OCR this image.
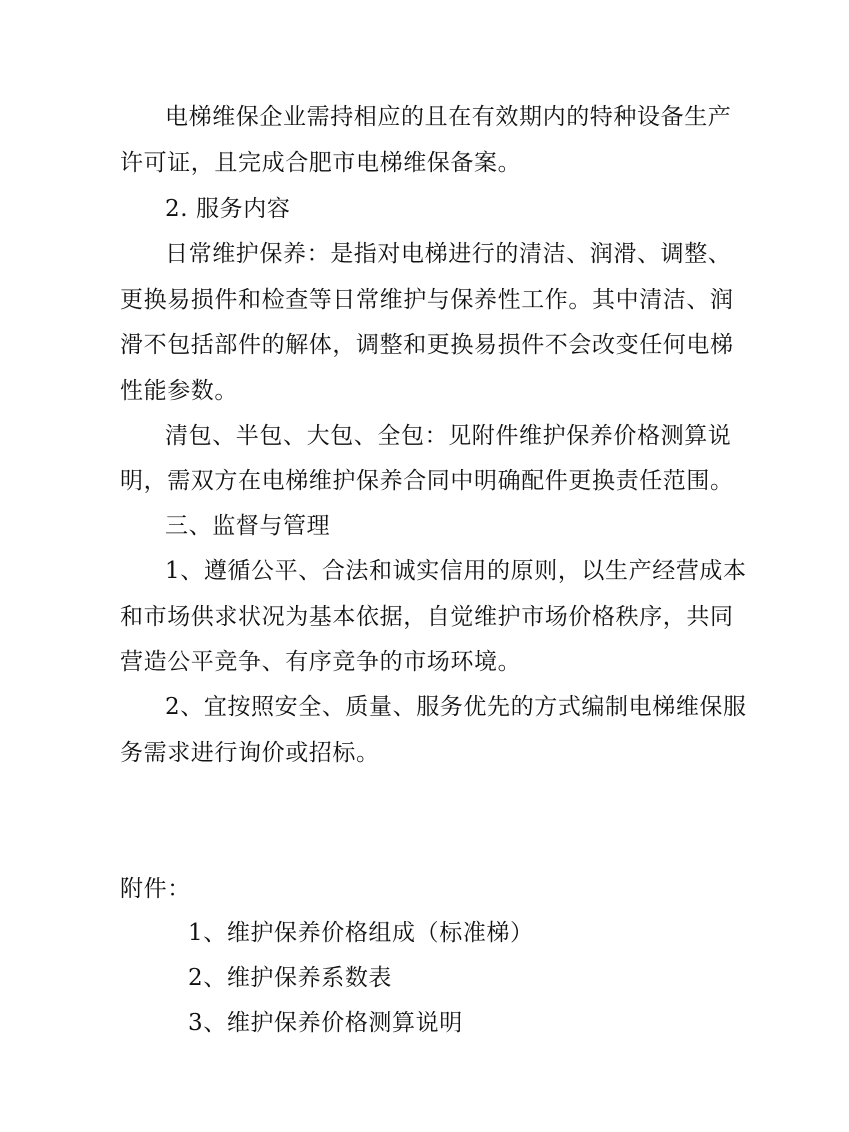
电梯维保企业需持相应的且在有效期内的特种设备生产
许可证，且完成合肥市电梯维保备案。
2. 服务内容
日常维护保养：是指对电梯进行的清洁、润滑、调整、
更换易损件和检查等日常维护与保养性工作。其中清洁、润
滑不包括部件的解体，调整和更换易损件不会改变任何电梯
性能参数。
清包、半包、大包、全包：见附件维护保养价格测算说
明，需双方在电梯维护保养合同中明确配件更换责任范围。
三、监督与管理
1、遵循公平、合法和诚实信用的原则，以生产经营成本
和市场供求状况为基本依据，自觉维护市场价格秩序，共同
营造公平竞争、有序竞争的市场环境。
2、宜按照安全、质量、服务优先的方式编制电梯维保服
务需求进行询价或招标。
附件：
1、维护保养价格组成（标准梯）
2、维护保养系数表
3、维护保养价格测算说明
